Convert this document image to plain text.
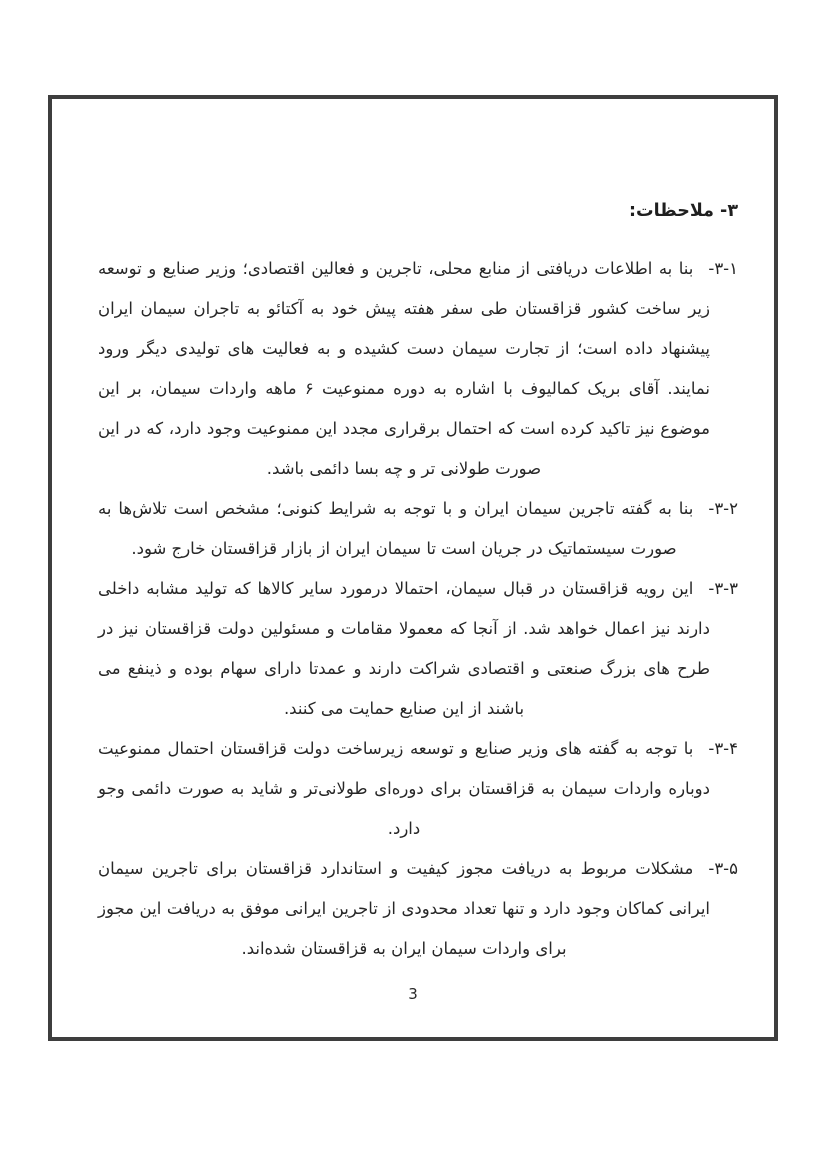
۳- ملاحظات:

۳-۱-بنا به اطلاعات دریافتی از منابع محلی، تاجرین و فعالین اقتصادی؛ وزیر صنایع و توسعه زیر ساخت کشور قزاقستان طی سفر هفته پیش خود به آکتائو به تاجران سیمان ایران پیشنهاد داده است؛ از تجارت سیمان دست کشیده و به فعالیت های تولیدی دیگر ورود نمایند. آقای بریک کمالیوف با اشاره به دوره ممنوعیت ۶ ماهه واردات سیمان، بر این موضوع نیز تاکید کرده است که احتمال برقراری مجدد این ممنوعیت وجود دارد، که در این صورت طولانی تر و چه بسا دائمی باشد.

۳-۲-بنا به گفته تاجرین سیمان ایران و با توجه به شرایط کنونی؛ مشخص است تلاش‌ها به صورت سیستماتیک در جریان است تا سیمان ایران از بازار قزاقستان خارج شود.

۳-۳-این رویه قزاقستان در قبال سیمان، احتمالا درمورد سایر کالاها که تولید مشابه داخلی دارند نیز اعمال خواهد شد. از آنجا که معمولا مقامات و مسئولین دولت قزاقستان نیز در طرح های بزرگ صنعتی و اقتصادی شراکت دارند و عمدتا دارای سهام بوده و ذینفع می باشند از این صنایع حمایت می کنند.

۳-۴-با توجه به گفته های وزیر صنایع و توسعه زیرساخت دولت قزاقستان احتمال ممنوعیت دوباره واردات سیمان به قزاقستان برای دوره‌ای طولانی‌تر و شاید به صورت دائمی وجو دارد.

۳-۵-مشکلات مربوط به دریافت مجوز کیفیت و استاندارد قزاقستان برای تاجرین سیمان ایرانی کماکان وجود دارد و تنها تعداد محدودی از تاجرین ایرانی موفق به دریافت این مجوز برای واردات سیمان ایران به قزاقستان شده‌اند.

3
